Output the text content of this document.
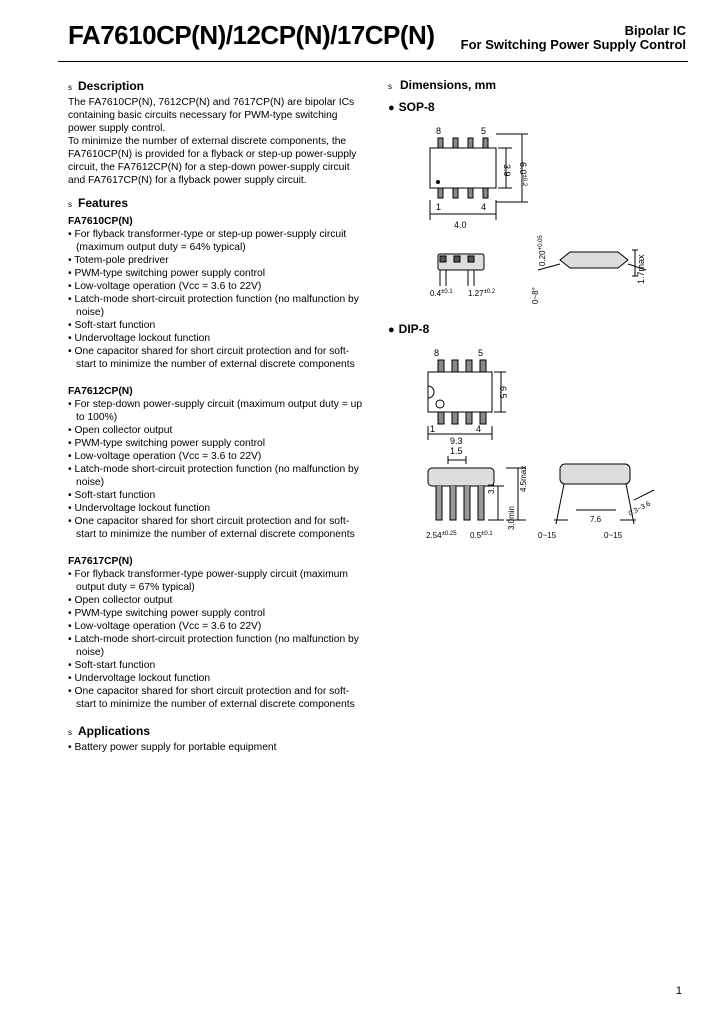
FA7610CP(N)/12CP(N)/17CP(N)	Bipolar IC
For Switching Power Supply Control
s Description

The FA7610CP(N), 7612CP(N) and 7617CP(N) are bipolar ICs containing basic circuits necessary for PWM-type switching power supply control.

To minimize the number of external discrete components, the FA7610CP(N) is provided for a flyback or step-up power-supply circuit, the FA7612CP(N) for a step-down power-supply circuit and FA7617CP(N) for a flyback power supply circuit.

s Features
FA7610CP(N)
• For flyback transformer-type or step-up power-supply circuit (maximum output duty = 64% typical)
• Totem-pole predriver
• PWM-type switching power supply control
• Low-voltage operation (Vcc = 3.6 to 22V)
• Latch-mode short-circuit protection function (no malfunction by noise)
• Soft-start function
• Undervoltage lockout function
• One capacitor shared for short circuit protection and for soft-start to minimize the number of external discrete components
FA7612CP(N)
• For step-down power-supply circuit (maximum output duty = up to 100%)
• Open collector output
• PWM-type switching power supply control
• Low-voltage operation (Vcc = 3.6 to 22V)
• Latch-mode short-circuit protection function (no malfunction by noise)
• Soft-start function
• Undervoltage lockout function
• One capacitor shared for short circuit protection and for soft-start to minimize the number of external discrete components
FA7617CP(N)
• For flyback transformer-type power-supply circuit (maximum output duty = 67% typical)
• Open collector output
• PWM-type switching power supply control
• Low-voltage operation (Vcc = 3.6 to 22V)
• Latch-mode short-circuit protection function (no malfunction by noise)
• Soft-start function
• Undervoltage lockout function
• One capacitor shared for short circuit protection and for soft-start to minimize the number of external discrete components
s Applications
• Battery power supply for portable equipment
s Dimensions, mm
● SOP-8
8	5
1	4
4.0
3.9 $6.0^{\pm 0.2}$
$0.4^{\pm 0.1}$ $1.27^{\pm 0.2}$
$0.20^{+0.05}$
0~8°
1.7max
● DIP-8
8	5
1	4
9.3
6.5
1.5
3.1
3.0min
4.5max
$2.54^{\pm 0.25}$ $0.5^{\pm 0.1}$
7.6
0.3~3.6
0~15	0~15
1
